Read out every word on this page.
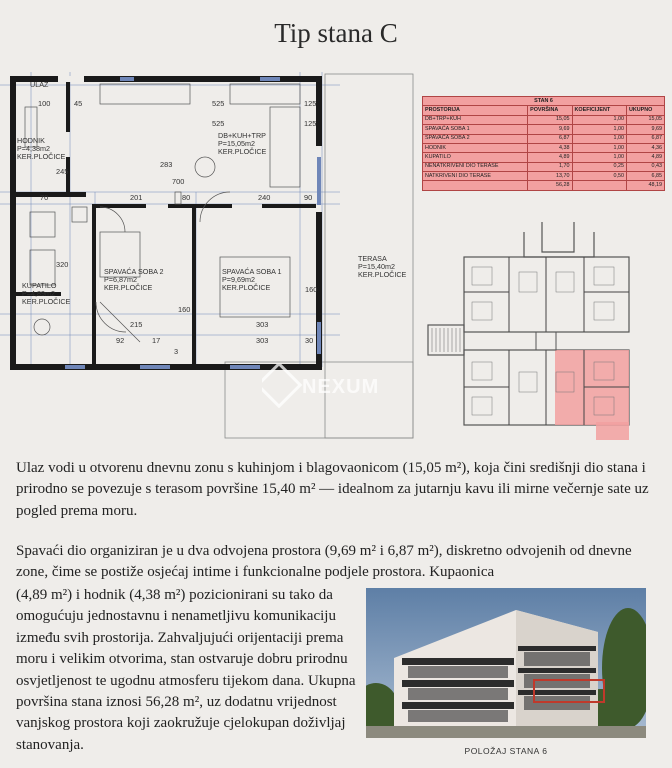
Tip stana C
ULAZ
HODNIK
P=4,38m2
KER.PLOČICE
DB+KUH+TRP
P=15,05m2
KER.PLOČICE
KUPATILO
P=4,89m2
KER.PLOČICE
SPAVAĆA SOBA 2
P=6,87m2
KER.PLOČICE
SPAVAĆA SOBA 1
P=9,69m2
KER.PLOČICE
TERASA
P=15,40m2
KER.PLOČICE
100	45	525
525
245
283
700
70	201	80	240	90
320
215
160
303
160
92	17
3
303	30
125
125
STAN 6			
PROSTORIJA	POVRŠINA	KOEFICIJENT	UKUPNO
DB+TRP+KUH	15,05	1,00	15,05
SPAVAĆA SOBA 1	9,69	1,00	9,69
SPAVAĆA SOBA 2	6,87	1,00	6,87
HODNIK	4,38	1,00	4,36
KUPATILO	4,89	1,00	4,89
NENATKRIVENI DIO TERASE	1,70	0,25	0,43
NATKRIVENI DIO TERASE	13,70	0,50	6,85
	56,28		48,19
NEXUM
Ulaz vodi u otvorenu dnevnu zonu s kuhinjom i blagovaonicom (15,05 m²), koja čini središnji dio stana i prirodno se povezuje s terasom površine 15,40 m² — idealnom za jutarnju kavu ili mirne večernje sate uz pogled prema moru.
Spavaći dio organiziran je u dva odvojena prostora (9,69 m² i 6,87 m²), diskretno odvojenih od dnevne zone, čime se postiže osjećaj intime i funkcionalne podjele prostora. Kupaonica
(4,89 m²) i hodnik (4,38 m²) pozicionirani su tako da omogućuju jednostavnu i nenametljivu komunikaciju između svih prostorija. Zahvaljujući orijentaciji prema moru i velikim otvorima, stan ostvaruje dobru prirodnu osvjetljenost te ugodnu atmosferu tijekom dana. Ukupna površina stana iznosi 56,28 m², uz dodatnu vrijednost vanjskog prostora koji zaokružuje cjelokupan doživljaj stanovanja.	POLOŽAJ STANA 6
